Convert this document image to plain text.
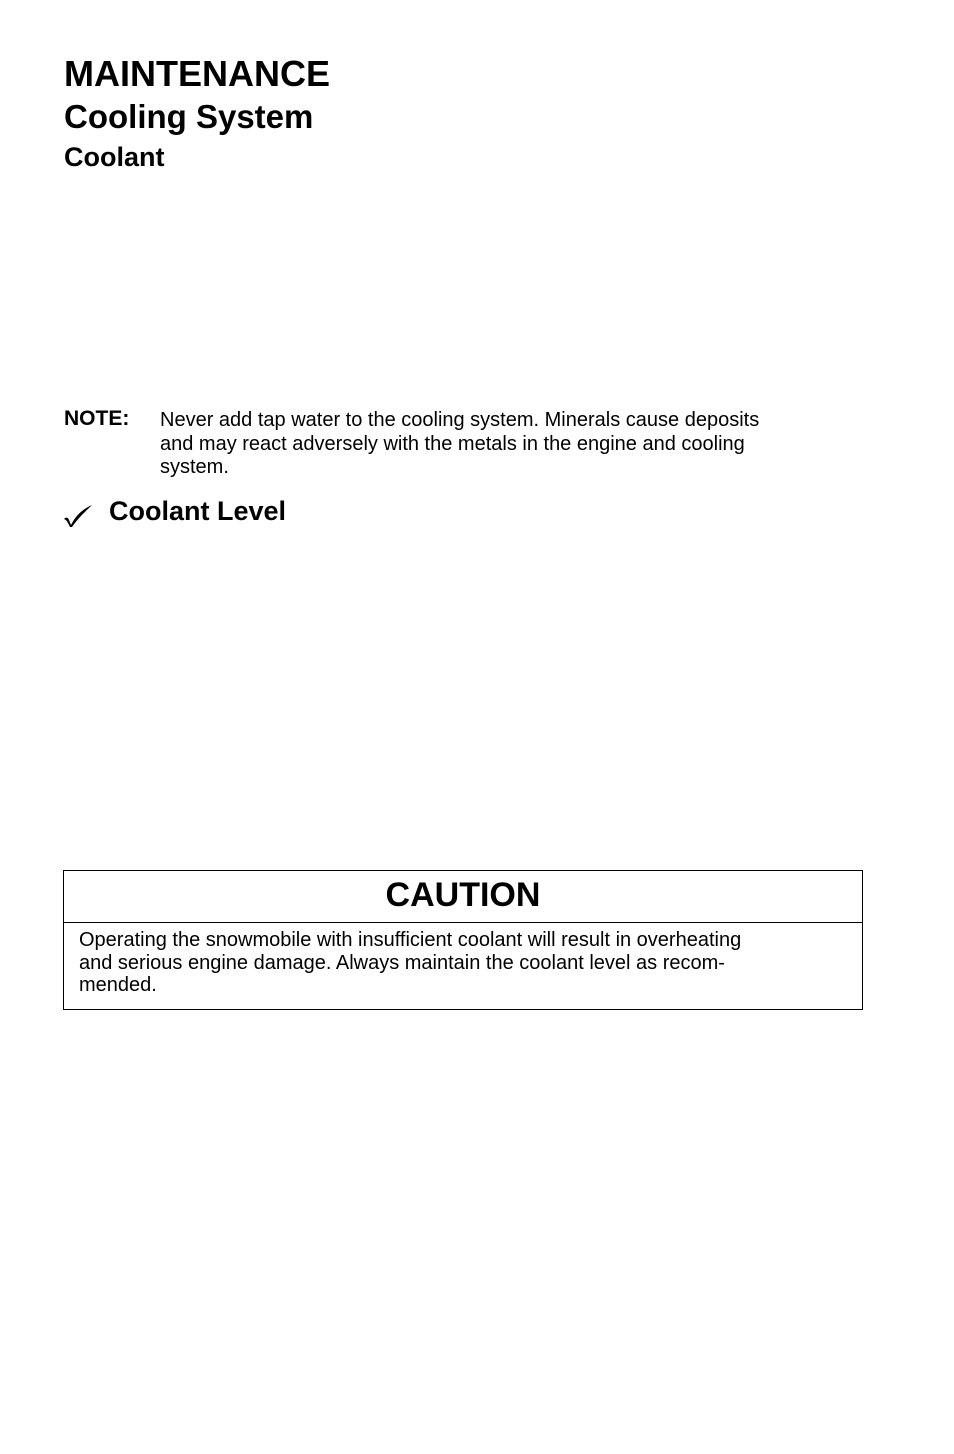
MAINTENANCE
Cooling System
Coolant
NOTE: Never add tap water to the cooling system. Minerals cause deposits
and may react adversely with the metals in the engine and cooling
system.
Coolant Level
CAUTION
Operating the snowmobile with insufficient coolant will result in overheating
and serious engine damage. Always maintain the coolant level as recom-
mended.
